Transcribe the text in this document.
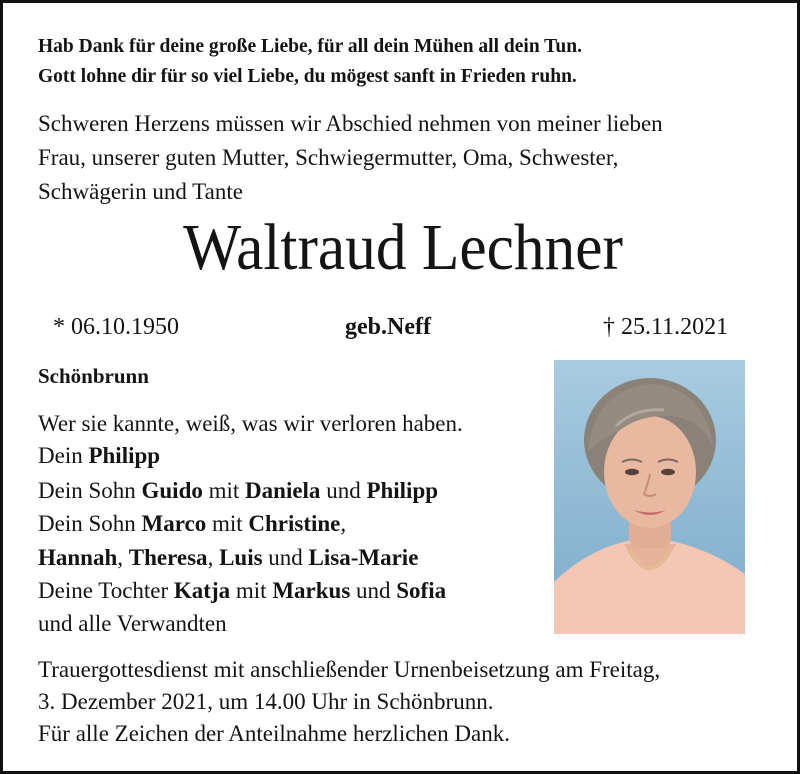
Hab Dank für deine große Liebe, für all dein Mühen all dein Tun.
Gott lohne dir für so viel Liebe, du mögest sanft in Frieden ruhn.
Schweren Herzens müssen wir Abschied nehmen von meiner lieben
Frau, unserer guten Mutter, Schwiegermutter, Oma, Schwester,
Schwägerin und Tante
Waltraud Lechner
* 06.10.1950	geb.Neff	† 25.11.2021
Schönbrunn
Wer sie kannte, weiß, was wir verloren haben.
Dein Philipp
Dein Sohn Guido mit Daniela und Philipp
Dein Sohn Marco mit Christine,
Hannah, Theresa, Luis und Lisa-Marie
Deine Tochter Katja mit Markus und Sofia
und alle Verwandten
Trauergottesdienst mit anschließender Urnenbeisetzung am Freitag,
3. Dezember 2021, um 14.00 Uhr in Schönbrunn.
Für alle Zeichen der Anteilnahme herzlichen Dank.
